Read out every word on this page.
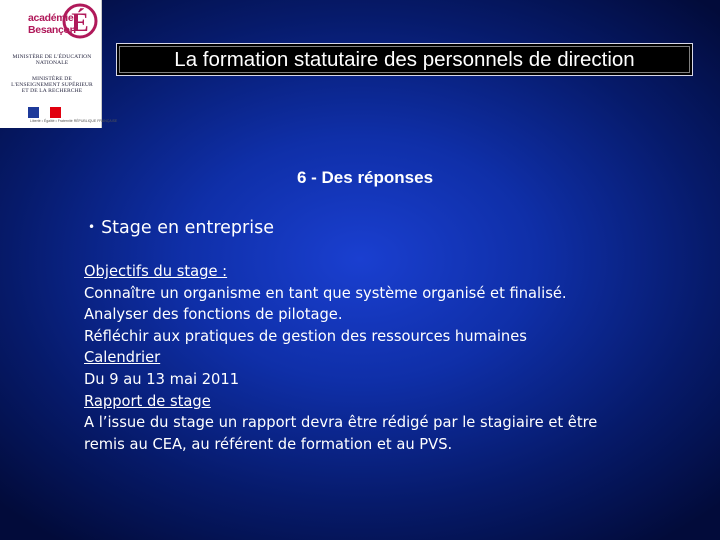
académie
Besançon
É
MINISTÈRE DE L'ÉDUCATION NATIONALE
MINISTÈRE DE L'ENSEIGNEMENT SUPÉRIEUR ET DE LA RECHERCHE
Liberté • Égalité • Fraternité RÉPUBLIQUE FRANÇAISE
La formation statutaire des personnels de direction
6 - Des réponses
• Stage en entreprise
Objectifs du stage :
Connaître un organisme en tant que système organisé et finalisé.
Analyser des fonctions de pilotage.
Réfléchir aux pratiques de gestion des ressources humaines
Calendrier
Du 9 au 13 mai 2011
Rapport de stage
A l’issue du stage un rapport devra être rédigé par le stagiaire et être
remis au CEA, au référent de formation et au PVS.
